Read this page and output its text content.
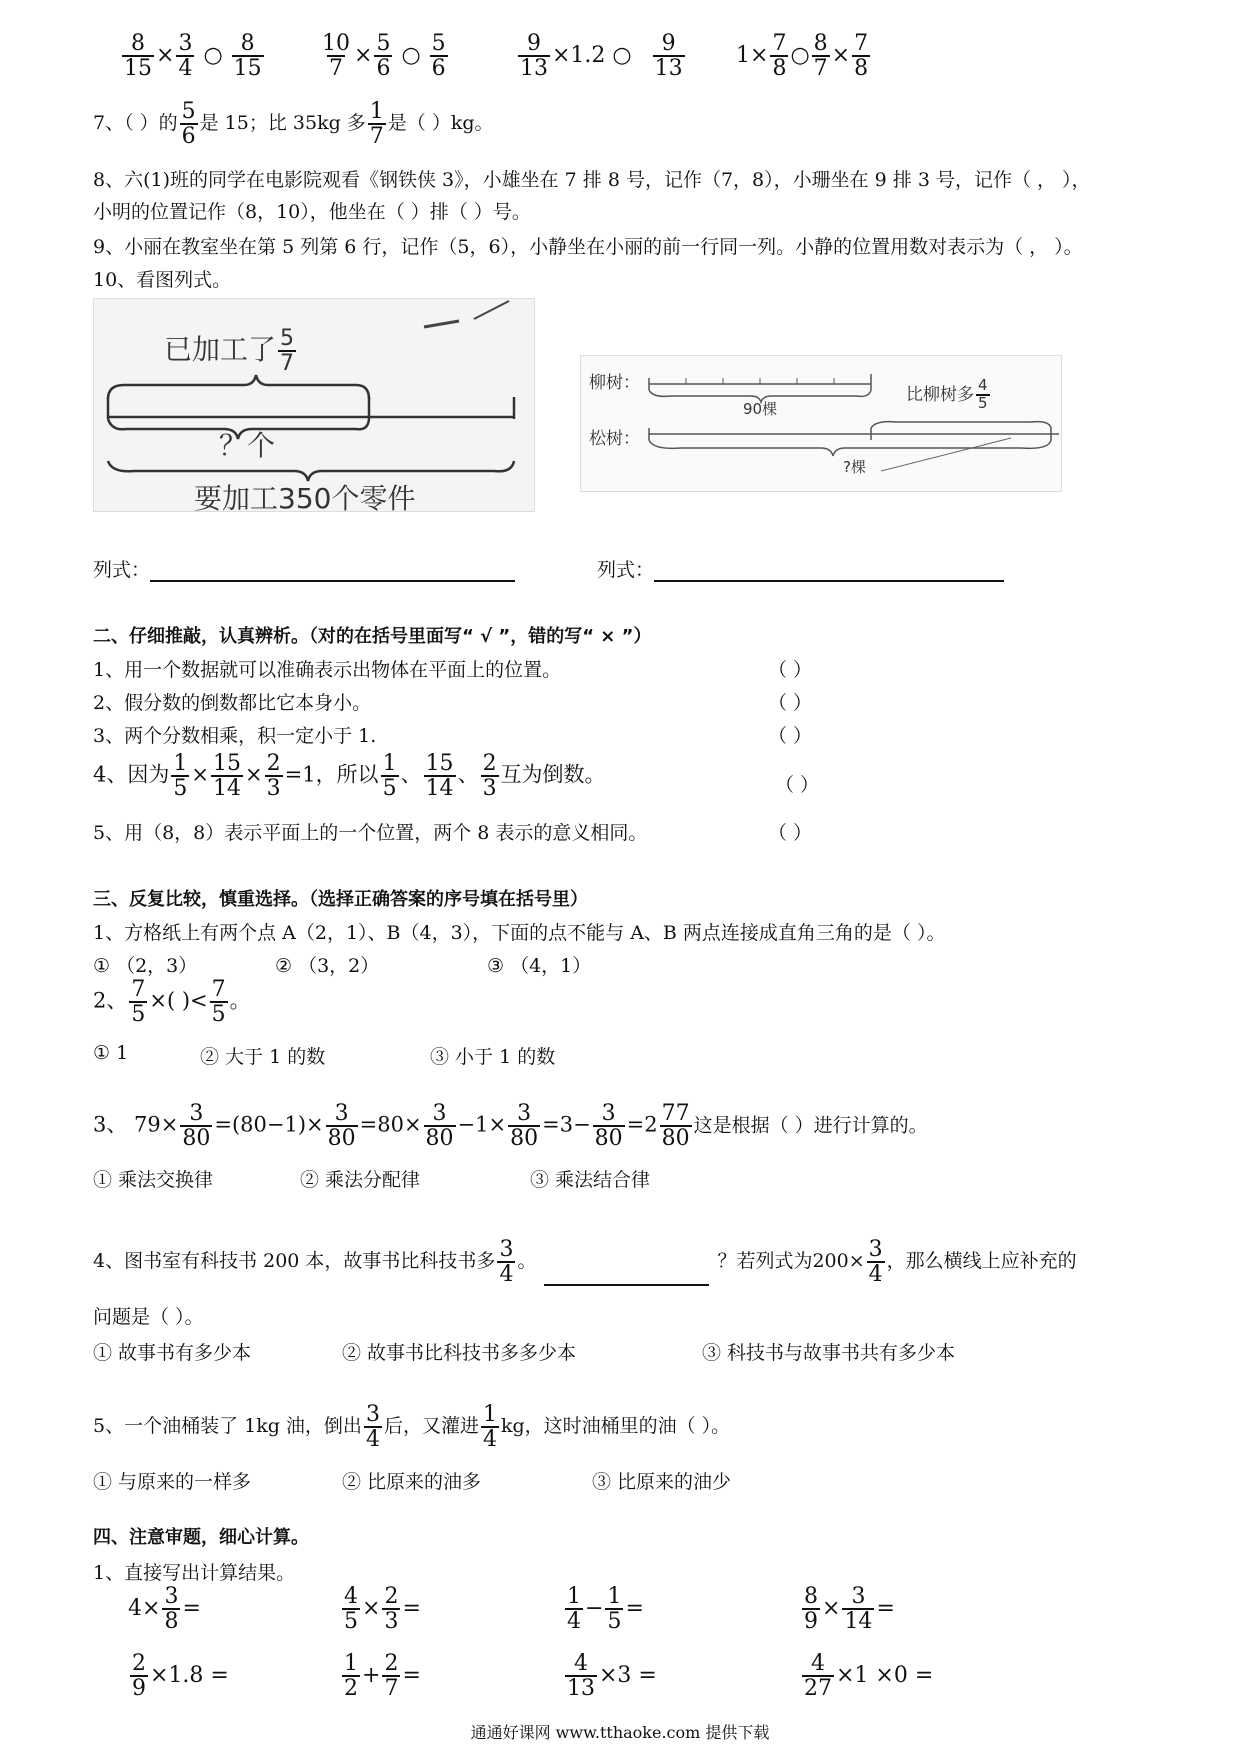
$\frac{8}{15} \times \frac{3}{4}$ ○ $\frac{8}{15}$	$\frac{10}{7} \times \frac{5}{6}$ ○ $\frac{5}{6}$	$\frac{9}{13} \times 1.2$ ○ $\frac{9}{13} 1\times \frac{7}{8}$ ○ $\frac{8}{7} \times \frac{7}{8}$
7、（ ）的 $\frac{5}{6}$ 是 15；比 35kg 多 $\frac{1}{7}$ 是（ ）kg。
8、六(1)班的同学在电影院观看《钢铁侠 3》，小雄坐在 7 排 8 号，记作（7，8），小珊坐在 9 排 3 号，记作（ ， ），
小明的位置记作（8，10），他坐在（ ）排（ ）号。
9、小丽在教室坐在第 5 列第 6 行，记作（5，6），小静坐在小丽的前一行同一列。小静的位置用数对表示为（ ， ）。
10、看图列式。
已加工了 $\frac{5}{7}$
？个
要加工350个零件
柳树：
松树：
90棵
比柳树多 $\frac{4}{5}$
?棵
列式：	列式：
二、仔细推敲，认真辨析。（对的在括号里面写“ √ ”，错的写“ × ”）
1、用一个数据就可以准确表示出物体在平面上的位置。	（ ）
2、假分数的倒数都比它本身小。	（ ）
3、两个分数相乘，积一定小于 1.	（ ）
4、因为 $\frac{1}{5} \times \frac{15}{14} \times \frac{2}{3} =1$，所以 $\frac{1}{5}$ 、 $\frac{15}{14}$ 、 $\frac{2}{3}$ 互为倒数。	（ ）
5、用（8，8）表示平面上的一个位置，两个 8 表示的意义相同。	（ ）
三、反复比较，慎重选择。（选择正确答案的序号填在括号里）
1、方格纸上有两个点 A（2，1）、B（4，3），下面的点不能与 A、B 两点连接成直角三角的是（ ）。
① （2，3）	② （3，2）	③ （4，1）
2、 $\frac{7}{5}$ ×( )< $\frac{7}{5}$ 。
① 1	② 大于 1 的数	③ 小于 1 的数
3、 $79\times \frac{3}{80} =(80-1)\times \frac{3}{80} =80\times \frac{3}{80} -1\times \frac{3}{80} =3- \frac{3}{80} =2 \frac{77}{80}$ 这是根据（ ）进行计算的。
① 乘法交换律	② 乘法分配律	③ 乘法结合律
4、图书室有科技书 200 本，故事书比科技书多 $\frac{3}{4}$ 。	？若列式为$200\times \frac{3}{4}$ ，那么横线上应补充的
问题是（ ）。
① 故事书有多少本	② 故事书比科技书多多少本	③ 科技书与故事书共有多少本
5、一个油桶装了 1kg 油，倒出 $\frac{3}{4}$ 后，又灌进 $\frac{1}{4}$ kg，这时油桶里的油（ ）。
① 与原来的一样多	② 比原来的油多	③ 比原来的油少
四、注意审题，细心计算。
1、直接写出计算结果。
$4\times \frac{3}{8}$ =	$\frac{4}{5} \times \frac{2}{3}$ =	$\frac{1}{4} - \frac{1}{5}$ =	$\frac{8}{9} \times \frac{3}{14}$ =
$\frac{2}{9} \times 1.8$ =	$\frac{1}{2} + \frac{2}{7}$ =	$\frac{4}{13} \times 3$ =	$\frac{4}{27} \times 1 \times 0$ =
通通好课网 www.tthaoke.com 提供下载
